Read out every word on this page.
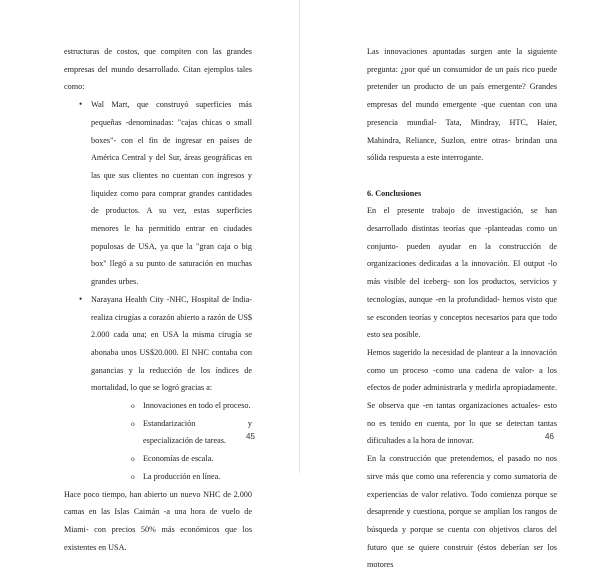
estructuras de costos, que compiten con las grandes empresas del mundo desarrollado. Citan ejemplos tales como:

• Wal Mart, que construyó superficies más pequeñas -denominadas: "cajas chicas o small boxes"- con el fin de ingresar en países de América Central y del Sur, áreas geográficas en las que sus clientes no cuentan con ingresos y liquidez como para comprar grandes cantidades de productos. A su vez, estas superficies menores le ha permitido entrar en ciudades populosas de USA, ya que la "gran caja o big box" llegó a su punto de saturación en muchas grandes urbes.
• Narayana Health City -NHC, Hospital de India- realiza cirugías a corazón abierto a razón de US$ 2.000 cada una; en USA la misma cirugía se abonaba unos US$20.000. El NHC contaba con ganancias y la reducción de los índices de mortalidad, lo que se logró gracias a:
o Innovaciones en todo el proceso.
o Estandarización y especialización de tareas.
o Economías de escala.
o La producción en línea.

Hace poco tiempo, han abierto un nuevo NHC de 2.000 camas en las Islas Caimán -a una hora de vuelo de Miami- con precios 50% más económicos que los existentes en USA.

45

Las innovaciones apuntadas surgen ante la siguiente pregunta: ¿por qué un consumidor de un país rico puede pretender un producto de un país emergente? Grandes empresas del mundo emergente -que cuentan con una presencia mundial- Tata, Mindray, HTC, Haier, Mahindra, Reliance, Suzlon, entre otras- brindan una sólida respuesta a este interrogante.

6. Conclusiones

En el presente trabajo de investigación, se han desarrollado distintas teorías que -planteadas como un conjunto- pueden ayudar en la construcción de organizaciones dedicadas a la innovación. El output -lo más visible del iceberg- son los productos, servicios y tecnologías, aunque -en la profundidad- hemos visto que se esconden teorías y conceptos necesarios para que todo esto sea posible.

Hemos sugerido la necesidad de plantear a la innovación como un proceso -como una cadena de valor- a los efectos de poder administrarla y medirla apropiadamente. Se observa que -en tantas organizaciones actuales- esto no es tenido en cuenta, por lo que se detectan tantas dificultades a la hora de innovar.

En la construcción que pretendemos, el pasado no nos sirve más que como una referencia y como sumatoria de experiencias de valor relativo. Todo comienza porque se desaprende y cuestiona, porque se amplían los rangos de búsqueda y porque se cuenta con objetivos claros del futuro que se quiere construir (éstos deberían ser los motores

46
